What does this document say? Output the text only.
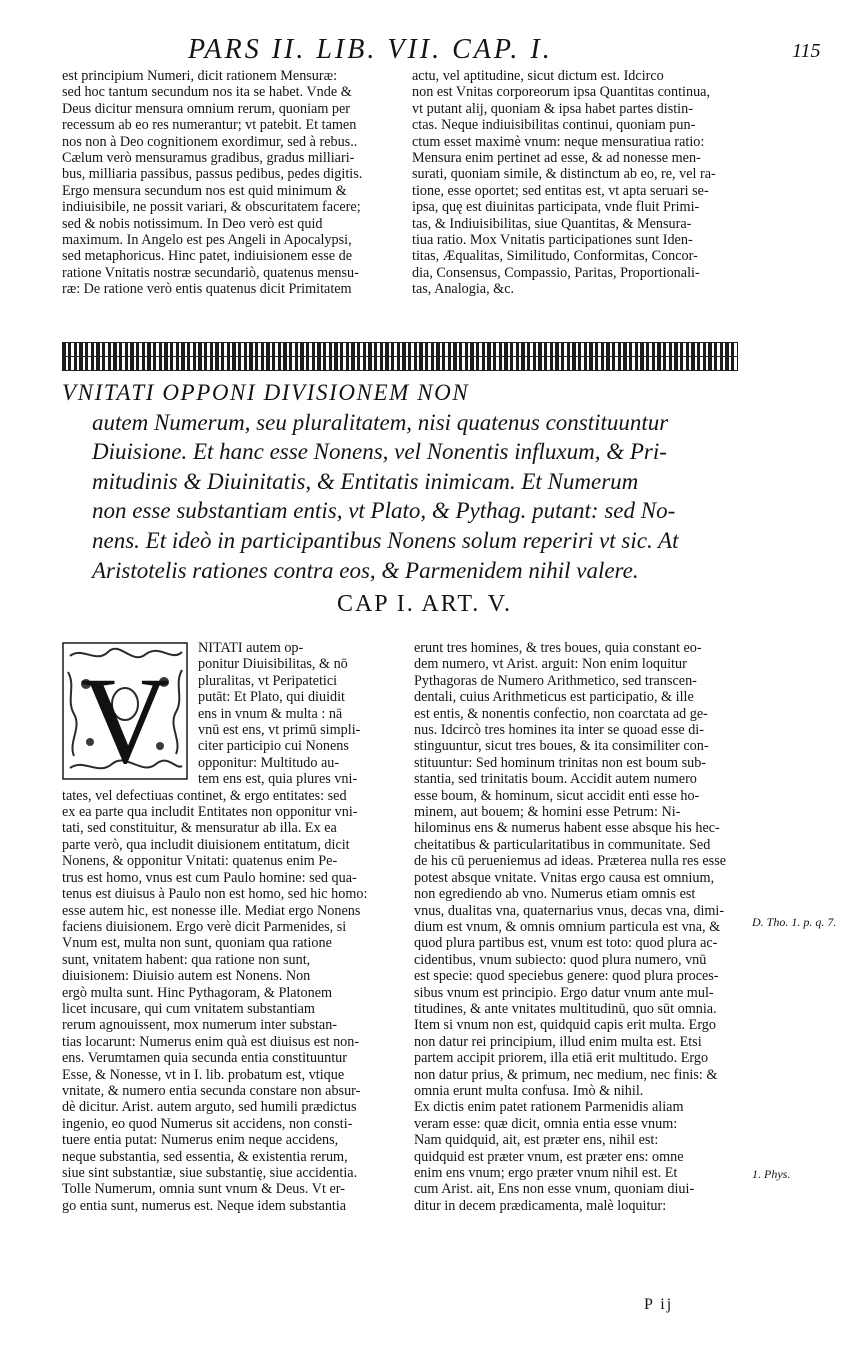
PARS II. LIB. VII. CAP. I.	115

est principium Numeri, dicit rationem Mensuræ:

sed hoc tantum secundum nos ita se habet. Vnde &

Deus dicitur mensura omnium rerum, quoniam per

recessum ab eo res numerantur; vt patebit. Et tamen

nos non à Deo cognitionem exordimur, sed à rebus..

Cælum verò mensuramus gradibus, gradus milliari-

bus, milliaria passibus, passus pedibus, pedes digitis.

Ergo mensura secundum nos est quid minimum &

indiuisibile, ne possit variari, & obscuritatem facere;

sed & nobis notissimum. In Deo verò est quid

maximum. In Angelo est pes Angeli in Apocalypsi,

sed metaphoricus. Hinc patet, indiuisionem esse de

ratione Vnitatis nostræ secundariò, quatenus mensu-

ræ: De ratione verò entis quatenus dicit Primitatem

actu, vel aptitudine, sicut dictum est. Idcirco

non est Vnitas corporeorum ipsa Quantitas continua,

vt putant alij, quoniam & ipsa habet partes distin-

ctas. Neque indiuisibilitas continui, quoniam pun-

ctum esset maximè vnum: neque mensuratiua ratio:

Mensura enim pertinet ad esse, & ad nonesse men-

surati, quoniam simile, & distinctum ab eo, re, vel ra-

tione, esse oportet; sed entitas est, vt apta seruari se-

ipsa, quę est diuinitas participata, vnde fluit Primi-

tas, & Indiuisibilitas, siue Quantitas, & Mensura-

tiua ratio. Mox Vnitatis participationes sunt Iden-

titas, Æqualitas, Similitudo, Conformitas, Concor-

dia, Consensus, Compassio, Paritas, Proportionali-

tas, Analogia, &c.

VNITATI OPPONI DIVISIONEM NON

autem Numerum, seu pluralitatem, nisi quatenus constituuntur

Diuisione. Et hanc esse Nonens, vel Nonentis influxum, & Pri-

mitudinis & Diuinitatis, & Entitatis inimicam. Et Numerum

non esse substantiam entis, vt Plato, & Pythag. putant: sed No-

nens. Et ideò in participantibus Nonens solum reperiri vt sic. At

Aristotelis rationes contra eos, & Parmenidem nihil valere.

CAP I. ART. V.
V

NITATI autem op-

ponitur Diuisibilitas, & nō

pluralitas, vt Peripatetici

putāt: Et Plato, qui diuidit

ens in vnum & multa : nā

vnū est ens, vt primū simpli-

citer participio cui Nonens

opponitur: Multitudo au-

tem ens est, quia plures vni-

tates, vel defectiuas continet, & ergo entitates: sed

ex ea parte qua includit Entitates non opponitur vni-

tati, sed constituitur, & mensuratur ab illa. Ex ea

parte verò, qua includit diuisionem entitatum, dicit

Nonens, & opponitur Vnitati: quatenus enim Pe-

trus est homo, vnus est cum Paulo homine: sed qua-

tenus est diuisus à Paulo non est homo, sed hic homo:

esse autem hic, est nonesse ille. Mediat ergo Nonens

faciens diuisionem. Ergo verè dicit Parmenides, si

Vnum est, multa non sunt, quoniam qua ratione

sunt, vnitatem habent: qua ratione non sunt,

diuisionem: Diuisio autem est Nonens. Non

ergò multa sunt. Hinc Pythagoram, & Platonem

licet incusare, qui cum vnitatem substantiam

rerum agnouissent, mox numerum inter substan-

tias locarunt: Numerus enim quà est diuisus est non-

ens. Verumtamen quia secunda entia constituuntur

Esse, & Nonesse, vt in I. lib. probatum est, vtique

vnitate, & numero entia secunda constare non absur-

dè dicitur. Arist. autem arguto, sed humili prædictus

ingenio, eo quod Numerus sit accidens, non consti-

tuere entia putat: Numerus enim neque accidens,

neque substantia, sed essentia, & existentia rerum,

siue sint substantiæ, siue substantię, siue accidentia.

Tolle Numerum, omnia sunt vnum & Deus. Vt er-

go entia sunt, numerus est. Neque idem substantia

erunt tres homines, & tres boues, quia constant eo-

dem numero, vt Arist. arguit: Non enim loquitur

Pythagoras de Numero Arithmetico, sed transcen-

dentali, cuius Arithmeticus est participatio, & ille

est entis, & nonentis confectio, non coarctata ad ge-

nus. Idcircò tres homines ita inter se quoad esse di-

stinguuntur, sicut tres boues, & ita consimiliter con-

stituuntur: Sed hominum trinitas non est boum sub-

stantia, sed trinitatis boum. Accidit autem numero

esse boum, & hominum, sicut accidit enti esse ho-

minem, aut bouem; & homini esse Petrum: Ni-

hilominus ens & numerus habent esse absque his hec-

cheitatibus & particularitatibus in communitate. Sed

de his cū perueniemus ad ideas. Præterea nulla res esse

potest absque vnitate. Vnitas ergo causa est omnium,

non egrediendo ab vno. Numerus etiam omnis est

vnus, dualitas vna, quaternarius vnus, decas vna, dimi-

dium est vnum, & omnis omnium particula est vna, &

quod plura partibus est, vnum est toto: quod plura ac-

cidentibus, vnum subiecto: quod plura numero, vnū

est specie: quod speciebus genere: quod plura proces-

sibus vnum est principio. Ergo datur vnum ante mul-

titudines, & ante vnitates multitudinū, quo sūt omnia.

Item si vnum non est, quidquid capis erit multa. Ergo

non datur rei principium, illud enim multa est. Etsi

partem accipit priorem, illa etiā erit multitudo. Ergo

non datur prius, & primum, nec medium, nec finis: &

omnia erunt multa confusa. Imò & nihil.

Ex dictis enim patet rationem Parmenidis aliam

veram esse: quæ dicit, omnia entia esse vnum:

Nam quidquid, ait, est præter ens, nihil est:

quidquid est præter vnum, est præter ens: omne

enim ens vnum; ergo præter vnum nihil est. Et

cum Arist. ait, Ens non esse vnum, quoniam diui-

ditur in decem prædicamenta, malè loquitur:

D. Tho. 1. p. q. 7.
1. Phys.
P ij
